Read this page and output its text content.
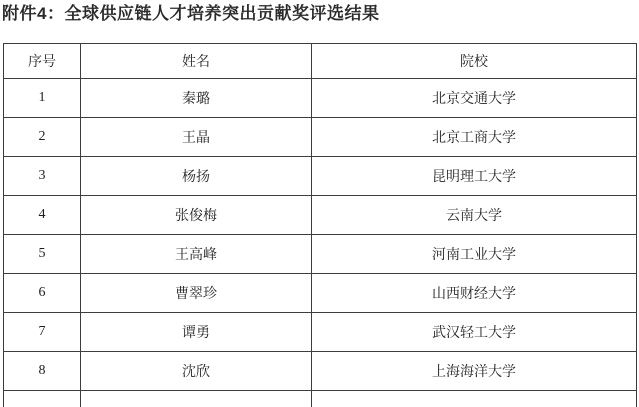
附件4：全球供应链人才培养突出贡献奖评选结果
序号	姓名	院校
1	秦璐	北京交通大学
2	王晶	北京工商大学
3	杨扬	昆明理工大学
4	张俊梅	云南大学
5	王高峰	河南工业大学
6	曹翠珍	山西财经大学
7	谭勇	武汉轻工大学
8	沈欣	上海海洋大学
